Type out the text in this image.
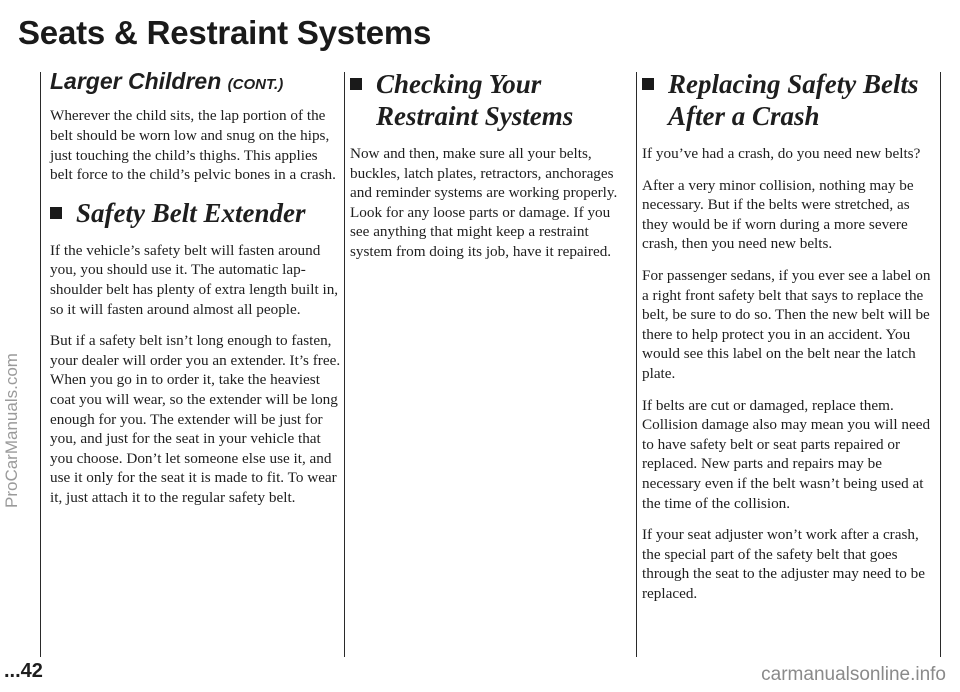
Seats & Restraint Systems
Larger Children (CONT.)

Wherever the child sits, the lap portion of the belt should be worn low and snug on the hips, just touching the child’s thighs. This applies belt force to the child’s pelvic bones in a crash.

Safety Belt Extender

If the vehicle’s safety belt will fasten around you, you should use it. The automatic lap-shoulder belt has plenty of extra length built in, so it will fasten around almost all people.

But if a safety belt isn’t long enough to fasten, your dealer will order you an extender. It’s free. When you go in to order it, take the heaviest coat you will wear, so the extender will be long enough for you. The extender will be just for you, and just for the seat in your vehicle that you choose. Don’t let someone else use it, and use it only for the seat it is made to fit. To wear it, just attach it to the regular safety belt.

Checking Your
Restraint Systems

Now and then, make sure all your belts, buckles, latch plates, retractors, anchorages and reminder systems are working properly. Look for any loose parts or damage. If you see anything that might keep a restraint system from doing its job, have it repaired.

Replacing Safety Belts
After a Crash

If you’ve had a crash, do you need new belts?

After a very minor collision, nothing may be necessary. But if the belts were stretched, as they would be if worn during a more severe crash, then you need new belts.

For passenger sedans, if you ever see a label on a right front safety belt that says to replace the belt, be sure to do so. Then the new belt will be there to help protect you in an accident. You would see this label on the belt near the latch plate.

If belts are cut or damaged, replace them. Collision damage also may mean you will need to have safety belt or seat parts repaired or replaced. New parts and repairs may be necessary even if the belt wasn’t being used at the time of the collision.

If your seat adjuster won’t work after a crash, the special part of the safety belt that goes through the seat to the adjuster may need to be replaced.

...42
ProCarManuals.com
carmanualsonline.info
